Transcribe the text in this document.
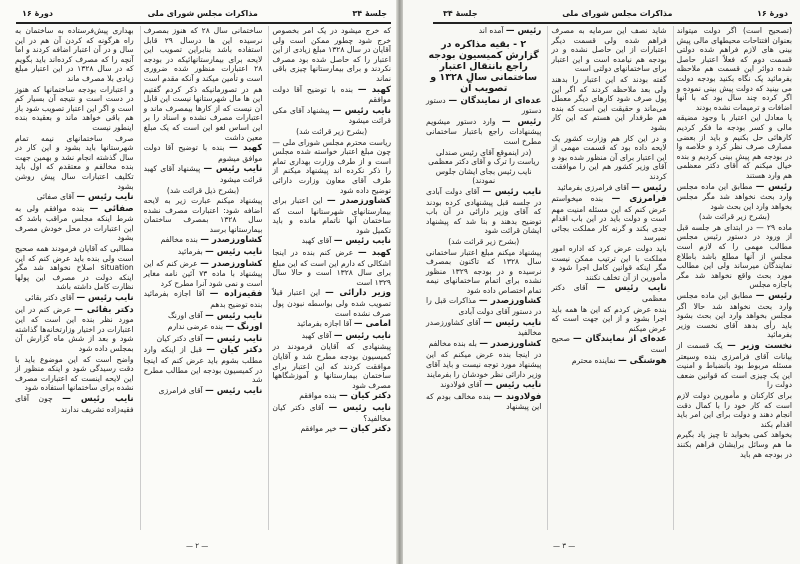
جلسهٔ ۳۴
مذاکرات مجلس شورای ملی
دورهٔ ۱۶
که خرج میشود در یک امر بخصوص خرج شود چطور ممکن است ولی آقایان در سال ۱۳۲۸ مبلغ زیادی از این اعتبار را که حاصل شده بود مصرف نکردند و برای بیمارستانها چیزی باقی نماند
کهبد — بنده با توضیح آقا دولت موافقم
نایب رئیس — پیشنهاد آقای مکی قرائت میشود
(بشرح زیر قرائت شد)
ریاست محترم مجلس شورای ملی — چون مبلغ اعتبار خواسته شده مجلس است و از طرف وزارت بهداری تمام را ذکر نکرده اند پیشنهاد میکنم از طرف آقای معاون وزارت دارائی توضیح داده شود
کشاورزصدر — این اعتبار برای بیمارستانهای شهرستانها است که ساختمان آنها ناتمام مانده و باید تکمیل شود
نایب رئیس — آقای کهبد
کهبد — عرض کنم بنده در اینجا اشکالی که دارم این است که این مبلغ برای سال ۱۳۲۸ است و حالا سال ۱۳۲۹ است
وزیر دارائی — این اعتبار قبلاً تصویب شده ولی بواسطه نبودن پول صرف نشده است
امامی — آقا اجازه بفرمائید
نایب رئیس — آقای کهبد
پیشنهادی که آقایان فرمودند در کمیسیون بودجه مطرح شد و آقایان موافقت کردند که این اعتبار برای ساختمان بیمارستانها و آموزشگاهها مصرف شود
دکتر کیان — بنده موافقم
نایب رئیس — آقای دکتر کیان مخالفید؟
دکتر کیان — خیر موافقم
ساختمانی سال ۲۸ که هنوز بمصرف نرسیده این ها درسال ۲۹ قابل استفاده باشد بنابراین تصویب این لایحه برای بیمارستانهائیکه در بودجه ۲۸ اعتبارات منظور شده ضروری است و تأمین میکند و آنکه مقدم است
هم در تصورمانیکه ذکر کردم گفتیم این ها مال شهرستانها نیست این قابل آن نیست که از کارها بیمصرف ماند و اعتبارات مصرف نشده و اسناد را بر این اساس لغو این است که یک مبلغ معین داشت
کهبد — بنده با توضیح آقا دولت موافق میشوم
نایب رئیس — پیشنهاد آقای کهبد قرائت میشود
(بشرح ذیل قرائت شد)
پیشنهاد میکنم عبارت زیر به لایحه اضافه شود: اعتبارات مصرف نشده سال ۱۳۲۸ بمصرف ساختمان بیمارستانها برسد
کشاورزصدر — بنده مخالفم
نایب رئیس — بفرمائید
کشاورزصدر — عرض کنم که این پیشنهاد با ماده ۷۳ آئین نامه مغایر است و نمی شود آنرا مطرح کرد
فقیه‌زاده — آقا اجازه بفرمائید بنده توضیح بدهم
نایب رئیس — آقای اورنگ
اورنگ — بنده عرضی ندارم
نایب رئیس — آقای دکتر کیان
دکتر کیان — قبل از اینکه وارد مطلب بشوم باید عرض کنم که اینجا در کمیسیون بودجه این مطالب مطرح شد
نایب رئیس — آقای فرامرزی
بهداری پیش‌فرستاده به ساختمان به راه هرگونه که کردن آن هم در این سال و در آن اعتبار اضافه کردند و اما آنچه را که مصرف کرده‌اند باید بگویم که در سال ۱۳۲۸ در این اعتبار مبلغ زیادی بلا مصرف ماند
و اعتبارات بودجه ساختمانها که هنوز در دست است و نتیجه آن بسیار کم است و اگر این اعتبار تصویب شود باز هم باقی خواهد ماند و بعقیده بنده اینطور نیست
صرف ساختمانهای نیمه تمام شهرستانها باید بشود و این کار در سال گذشته انجام نشد و بهمین جهت بنده مخالفم و معتقدم که اول باید تکلیف اعتبارات سال پیش روشن بشود
نایب رئیس — آقای صفائی
صفائی — بنده موافقم ولی به شرط اینکه مجلس مراقب باشد که این اعتبارات در محل خودش مصرف بشود
مطالبی که آقایان فرمودند همه صحیح است ولی بنده باید عرض کنم که این situation اصلاح نخواهد شد مگر اینکه دولت در مصرف این پولها نظارت کامل داشته باشد
نایب رئیس — آقای دکتر بقائی
دکتر بقائی — عرض کنم در این مورد نظر بنده این است که این اعتبارات در اختیار وزارتخانه‌ها گذاشته شود و بعد از شش ماه گزارش آن بمجلس داده شود
واضح است که این موضوع باید با دقت رسیدگی شود و اینکه منظور از این لایحه اینست که اعتبارات مصرف نشده برای ساختمانها استفاده شود
نایب رئیس — چون آقای فقیه‌زاده تشریف ندارند
— ۲ —
دورهٔ ۱۶
مذاکرات مجلس شورای ملی
جلسهٔ ۳۴
(تصحیح است) اگر دولت میتواند بعنوان افتتاحات محیطهای مالی پیش بینی های لازم فراهم شده دولتی قسمت دوم که فعلاً اعتبار حاصل شده دوائر این قسمت هم ملاحظه بفرمائید یک نگاه بکنید بودجه دولت می بینید که دولت پیش بینی نموده و اگر کرده چند سال بود که با آنها اضافات و ترمیمات نشده بودند
یا معادل این اعتبار با وجود مضیقه مالی و کسر بودجه ما فکر کردیم کارهائی حل بکنیم و باید از بعضی مصارف صرف نظر کرد و خلاصه وا در بودجه هم پیش بینی کردیم و بنده خیال میکنم که آقای دکتر معظمی هم وارد هستند
رئیس — مطابق این ماده مجلس وارد بحث نخواهد شد مگر مجلس بخواهد وارد این بحث شود
(بشرح زیر قرائت شد)
ماده ۲۹ — در ابتدای هر جلسه قبل از ورود در دستور رئیس مجلس مطالب مهمی را که لازم است مجلس از آنها مطلع باشد باطلاع نمایندگان میرساند ولی این مطالب مورد بحث واقع نخواهد شد مگر باجازه مجلس
رئیس — مطابق این ماده مجلس وارد بحث نخواهد شد حالا اگر مجلس بخواهد وارد این بحث بشود باید رأی بدهد آقای نخست وزیر بفرمائید
نخست وزیر — یک قسمت از بیانات آقای فرامرزی بنده وسیعتر مسئله مربوط بود بانضباط و امنیت این یک چیزی است که قوانین ضعف دولت را
برای کارکنان و مأمورین دولت لازم است که کار خود را با کمال دقت انجام دهند و دولت برای این امر باید اقدام بکند
بخواهد کمی بخوابد تا چیز یاد بگیرم ما هم وسائل برایشان فراهم بکنند در بودجه هم باید
شاید نصف این سرمایه به مصرف فراهم شده ولی قسمت دیگر اعتبارات از این حاصل نشده و در بودجه هم نیامده است و این اعتبار برای ساختمانهای دولتی است
گفته بودند که این اعتبار را بدهند ولی بعد ملاحظه کردند که اگر این پول صرف شود کارهای دیگر معطل می‌ماند و حقیقت این است که بنده هم طرفدار این هستم که این کار بشود
و در این کار هم وزارت کشور یک لایحه داده بود که قسمت مهمی از این اعتبار برای آن منظور شده بود و آقای وزیر کشور هم این را موافقت کردند
رئیس — آقای فرامرزی بفرمائید
فرامرزی — بنده میخواستم عرض کنم که این مسئله امنیت مهم است و دولت باید در این باب اقدام جدی بکند و گرنه کار مملکت بجائی نمیرسد
باید دولت عرض کرد که اداره امور مملکت با این ترتیب ممکن نیست مگر اینکه قوانین کامل اجرا شود و مأمورین از آن تخلف نکنند
نایب رئیس — آقای دکتر معظمی
بنده عرض کردم که این ها همه باید اجرا بشود و از این جهت است که عرض میکنم
عده‌ای از نمایندگان — صحیح است
هوشنگی — نماینده محترم
رئیس — آمده اند
۲ - بقیه مذاکره در گزارش کمیسیون بودجه راجع بانتقال اعتبار ساختمانی سال ۱۳۲۸ و تصویب آن
عده‌ای از نمایندگان — دستور دستور
رئیس — وارد دستور میشویم پیشنهادات راجع باعتبار ساختمانی مطرح است
(در اینموقع آقای رئیس صندلی ریاست را ترک و آقای دکتر معظمی نایب رئیس بجای ایشان جلوس نمودند)
نایب رئیس — آقای دولت آبادی در جلسه قبل پیشنهادی کرده بودند که آقای وزیر دارائی در آن باب توضیح بدهند و بنا شد که پیشنهاد ایشان قرائت شود
(بشرح زیر قرائت شد)
پیشنهاد میکنم مبلغ اعتبار ساختمانی سال ۱۳۲۸ که تاکنون بمصرف نرسیده و در بودجه ۱۳۲۹ منظور نشده برای اتمام ساختمانهای نیمه تمام اختصاص داده شود
کشاورزصدر — مذاکرات قبل را در دستور آقای دولت آبادی
نایب رئیس — آقای کشاورزصدر مخالفید
کشاورزصدر — بله بنده مخالفم
در اینجا بنده عرض میکنم که این پیشنهاد مورد توجه نیست و باید آقای وزیر دارائی نظر خودشان را بفرمایند
نایب رئیس — آقای فولادوند
فولادوند — بنده مخالف بودم که این پیشنهاد
— ۳ —
